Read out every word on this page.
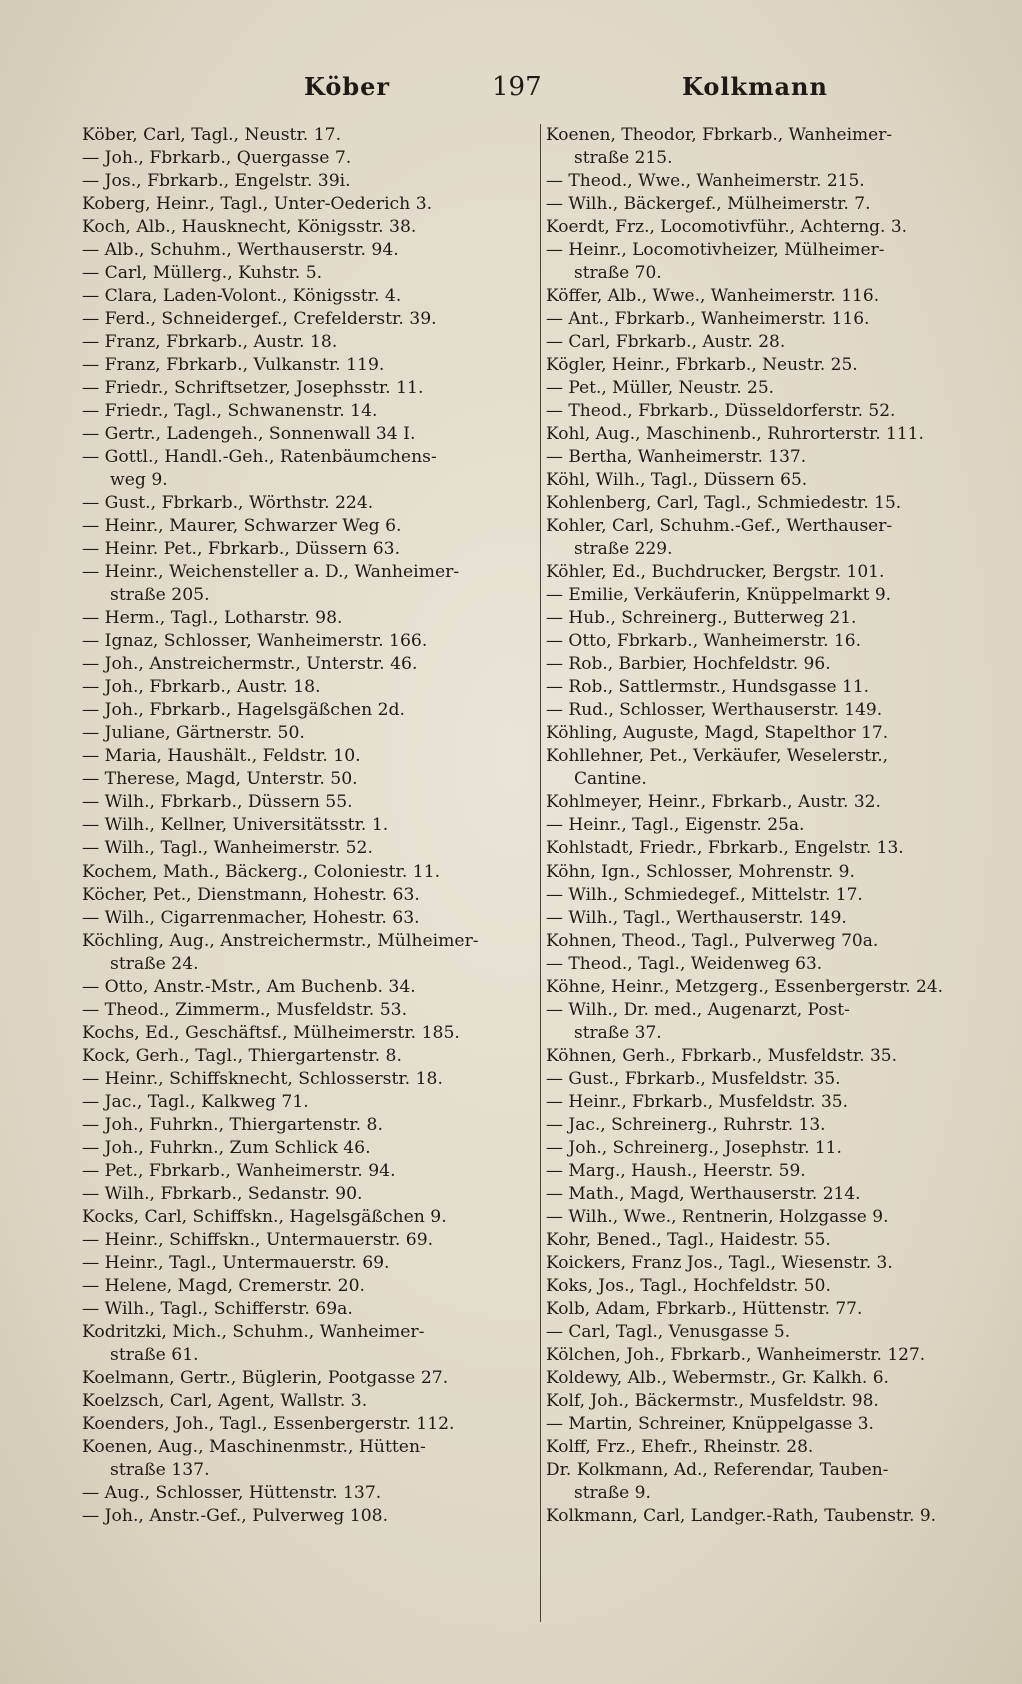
Köber	197	Kolkmann
Köber, Carl, Tagl., Neustr. 17.
— Joh., Fbrkarb., Quergasse 7.
— Jos., Fbrkarb., Engelstr. 39i.
Koberg, Heinr., Tagl., Unter-Oederich 3.
Koch, Alb., Hausknecht, Königsstr. 38.
— Alb., Schuhm., Werthauserstr. 94.
— Carl, Müllerg., Kuhstr. 5.
— Clara, Laden-Volont., Königsstr. 4.
— Ferd., Schneidergef., Crefelderstr. 39.
— Franz, Fbrkarb., Austr. 18.
— Franz, Fbrkarb., Vulkanstr. 119.
— Friedr., Schriftsetzer, Josephsstr. 11.
— Friedr., Tagl., Schwanenstr. 14.
— Gertr., Ladengeh., Sonnenwall 34 I.
— Gottl., Handl.-Geh., Ratenbäumchens-
weg 9.
— Gust., Fbrkarb., Wörthstr. 224.
— Heinr., Maurer, Schwarzer Weg 6.
— Heinr. Pet., Fbrkarb., Düssern 63.
— Heinr., Weichensteller a. D., Wanheimer-
straße 205.
— Herm., Tagl., Lotharstr. 98.
— Ignaz, Schlosser, Wanheimerstr. 166.
— Joh., Anstreichermstr., Unterstr. 46.
— Joh., Fbrkarb., Austr. 18.
— Joh., Fbrkarb., Hagelsgäßchen 2d.
— Juliane, Gärtnerstr. 50.
— Maria, Haushält., Feldstr. 10.
— Therese, Magd, Unterstr. 50.
— Wilh., Fbrkarb., Düssern 55.
— Wilh., Kellner, Universitätsstr. 1.
— Wilh., Tagl., Wanheimerstr. 52.
Kochem, Math., Bäckerg., Coloniestr. 11.
Köcher, Pet., Dienstmann, Hohestr. 63.
— Wilh., Cigarrenmacher, Hohestr. 63.
Köchling, Aug., Anstreichermstr., Mülheimer-
straße 24.
— Otto, Anstr.-Mstr., Am Buchenb. 34.
— Theod., Zimmerm., Musfeldstr. 53.
Kochs, Ed., Geschäftsf., Mülheimerstr. 185.
Kock, Gerh., Tagl., Thiergartenstr. 8.
— Heinr., Schiffsknecht, Schlosserstr. 18.
— Jac., Tagl., Kalkweg 71.
— Joh., Fuhrkn., Thiergartenstr. 8.
— Joh., Fuhrkn., Zum Schlick 46.
— Pet., Fbrkarb., Wanheimerstr. 94.
— Wilh., Fbrkarb., Sedanstr. 90.
Kocks, Carl, Schiffskn., Hagelsgäßchen 9.
— Heinr., Schiffskn., Untermauerstr. 69.
— Heinr., Tagl., Untermauerstr. 69.
— Helene, Magd, Cremerstr. 20.
— Wilh., Tagl., Schifferstr. 69a.
Kodritzki, Mich., Schuhm., Wanheimer-
straße 61.
Koelmann, Gertr., Büglerin, Pootgasse 27.
Koelzsch, Carl, Agent, Wallstr. 3.
Koenders, Joh., Tagl., Essenbergerstr. 112.
Koenen, Aug., Maschinenmstr., Hütten-
straße 137.
— Aug., Schlosser, Hüttenstr. 137.
— Joh., Anstr.-Gef., Pulverweg 108.
Koenen, Theodor, Fbrkarb., Wanheimer-
straße 215.
— Theod., Wwe., Wanheimerstr. 215.
— Wilh., Bäckergef., Mülheimerstr. 7.
Koerdt, Frz., Locomotivführ., Achterng. 3.
— Heinr., Locomotivheizer, Mülheimer-
straße 70.
Köffer, Alb., Wwe., Wanheimerstr. 116.
— Ant., Fbrkarb., Wanheimerstr. 116.
— Carl, Fbrkarb., Austr. 28.
Kögler, Heinr., Fbrkarb., Neustr. 25.
— Pet., Müller, Neustr. 25.
— Theod., Fbrkarb., Düsseldorferstr. 52.
Kohl, Aug., Maschinenb., Ruhrorterstr. 111.
— Bertha, Wanheimerstr. 137.
Köhl, Wilh., Tagl., Düssern 65.
Kohlenberg, Carl, Tagl., Schmiedestr. 15.
Kohler, Carl, Schuhm.-Gef., Werthauser-
straße 229.
Köhler, Ed., Buchdrucker, Bergstr. 101.
— Emilie, Verkäuferin, Knüppelmarkt 9.
— Hub., Schreinerg., Butterweg 21.
— Otto, Fbrkarb., Wanheimerstr. 16.
— Rob., Barbier, Hochfeldstr. 96.
— Rob., Sattlermstr., Hundsgasse 11.
— Rud., Schlosser, Werthauserstr. 149.
Köhling, Auguste, Magd, Stapelthor 17.
Kohllehner, Pet., Verkäufer, Weselerstr.,
Cantine.
Kohlmeyer, Heinr., Fbrkarb., Austr. 32.
— Heinr., Tagl., Eigenstr. 25a.
Kohlstadt, Friedr., Fbrkarb., Engelstr. 13.
Köhn, Ign., Schlosser, Mohrenstr. 9.
— Wilh., Schmiedegef., Mittelstr. 17.
— Wilh., Tagl., Werthauserstr. 149.
Kohnen, Theod., Tagl., Pulverweg 70a.
— Theod., Tagl., Weidenweg 63.
Köhne, Heinr., Metzgerg., Essenbergerstr. 24.
— Wilh., Dr. med., Augenarzt, Post-
straße 37.
Köhnen, Gerh., Fbrkarb., Musfeldstr. 35.
— Gust., Fbrkarb., Musfeldstr. 35.
— Heinr., Fbrkarb., Musfeldstr. 35.
— Jac., Schreinerg., Ruhrstr. 13.
— Joh., Schreinerg., Josephstr. 11.
— Marg., Haush., Heerstr. 59.
— Math., Magd, Werthauserstr. 214.
— Wilh., Wwe., Rentnerin, Holzgasse 9.
Kohr, Bened., Tagl., Haidestr. 55.
Koickers, Franz Jos., Tagl., Wiesenstr. 3.
Koks, Jos., Tagl., Hochfeldstr. 50.
Kolb, Adam, Fbrkarb., Hüttenstr. 77.
— Carl, Tagl., Venusgasse 5.
Kölchen, Joh., Fbrkarb., Wanheimerstr. 127.
Koldewy, Alb., Webermstr., Gr. Kalkh. 6.
Kolf, Joh., Bäckermstr., Musfeldstr. 98.
— Martin, Schreiner, Knüppelgasse 3.
Kolff, Frz., Ehefr., Rheinstr. 28.
Dr. Kolkmann, Ad., Referendar, Tauben-
straße 9.
Kolkmann, Carl, Landger.-Rath, Taubenstr. 9.
